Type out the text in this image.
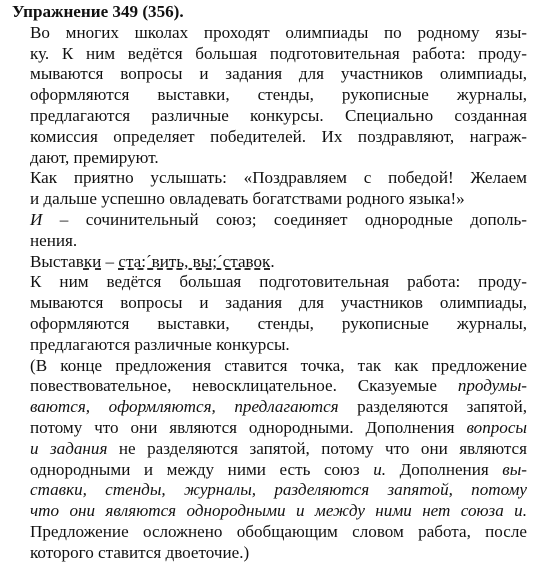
Упражнение 349 (356).
Во многих школах проходят олимпиады по родному язы-
ку. К ним ведётся большая подготовительная работа: проду-
мываются вопросы и задания для участников олимпиады,
оформляются выставки, стенды, рукописные журналы,
предлагаются различные конкурсы. Специально созданная
комиссия определяет победителей. Их поздравляют, награж-
дают, премируют.
Как приятно услышать: «Поздравляем с победой! Желаем
и дальше успешно овладевать богатствами родного языка!»
И – сочинительный союз; соединяет однородные дополь-
нения.
Выставки – ста:´вить, вы;´ставок.
К ним ведётся большая подготовительная работа: проду-
мываются вопросы и задания для участников олимпиады,
оформляются выставки, стенды, рукописные журналы,
предлагаются различные конкурсы.
(В конце предложения ставится точка, так как предложение
повествовательное, невосклицательное. Сказуемые продумы-
ваются, оформляются, предлагаются разделяются запятой,
потому что они являются однородными. Дополнения вопросы
и задания не разделяются запятой, потому что они являются
однородными и между ними есть союз и. Дополнения вы-
ставки, стенды, журналы, разделяются запятой, потому
что они являются однородными и между ними нет союза и.
Предложение осложнено обобщающим словом работа, после
которого ставится двоеточие.)
